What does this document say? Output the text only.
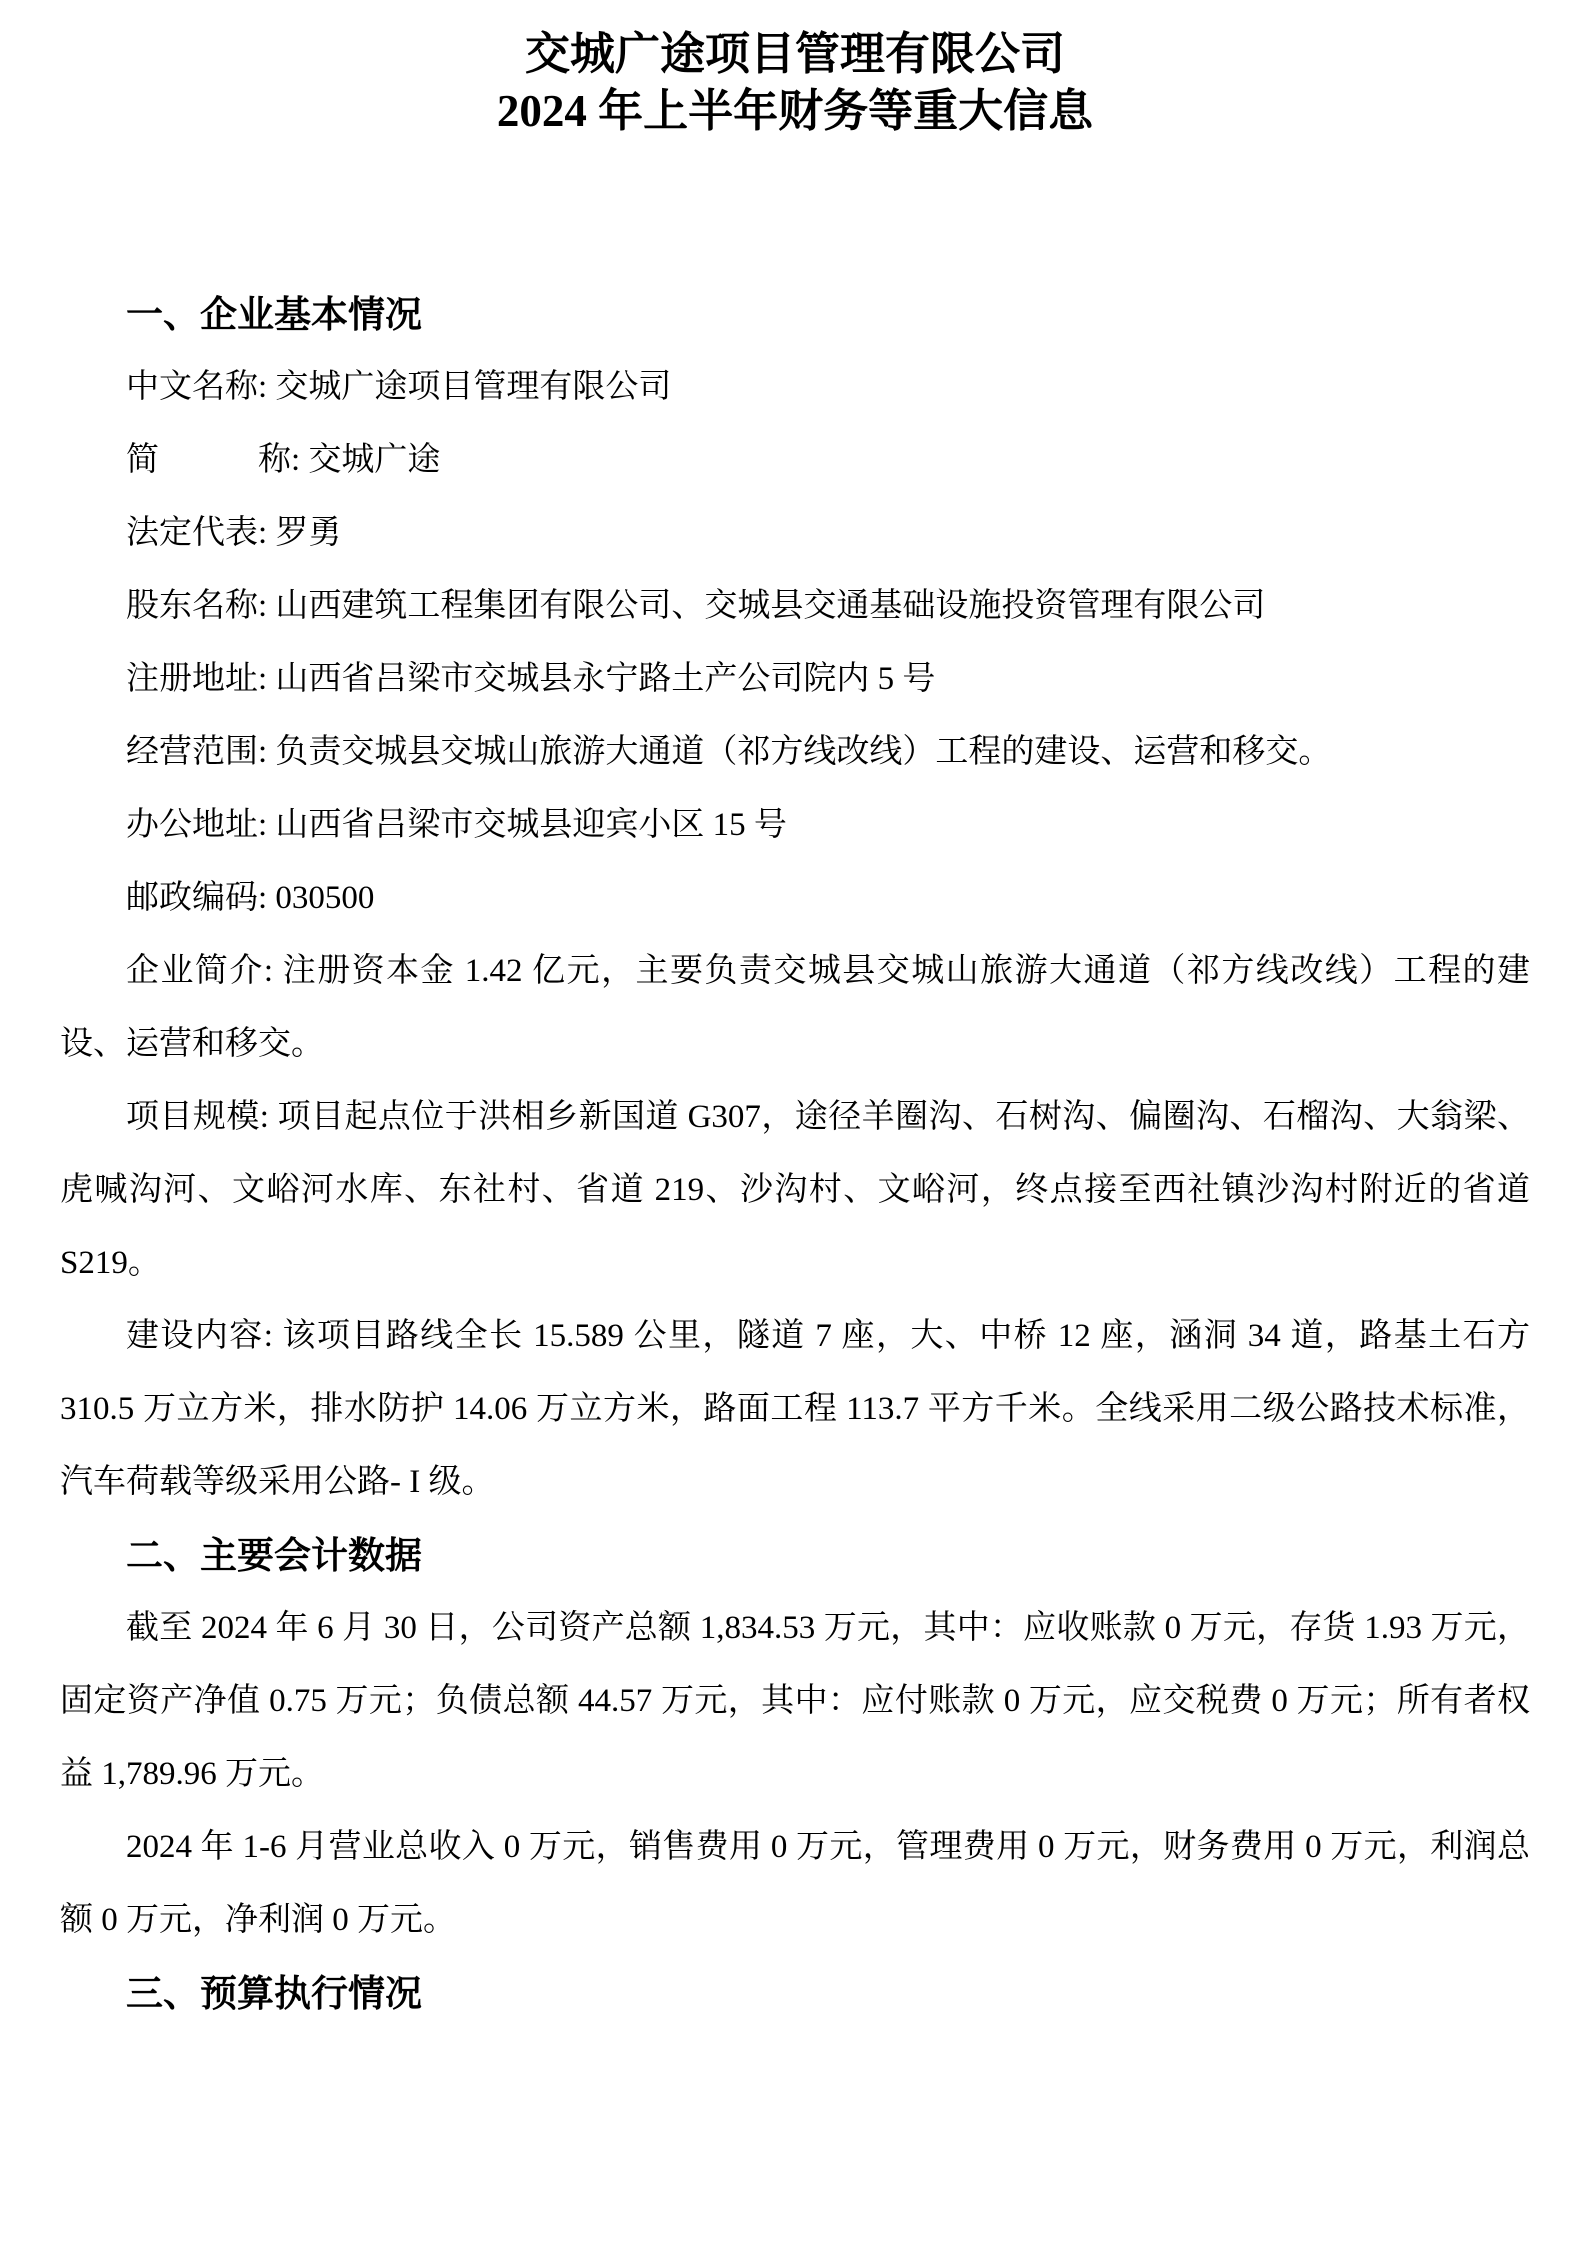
交城广途项目管理有限公司
2024 年上半年财务等重大信息
一、企业基本情况

中文名称: 交城广途项目管理有限公司

简　　　称: 交城广途

法定代表: 罗勇

股东名称: 山西建筑工程集团有限公司、交城县交通基础设施投资管理有限公司

注册地址: 山西省吕梁市交城县永宁路土产公司院内 5 号

经营范围: 负责交城县交城山旅游大通道（祁方线改线）工程的建设、运营和移交。

办公地址: 山西省吕梁市交城县迎宾小区 15 号

邮政编码: 030500

企业简介: 注册资本金 1.42 亿元，主要负责交城县交城山旅游大通道（祁方线改线）工程的建设、运营和移交。

项目规模: 项目起点位于洪相乡新国道 G307，途径羊圈沟、石树沟、偏圈沟、石榴沟、大翁梁、虎喊沟河、文峪河水库、东社村、省道 219、沙沟村、文峪河，终点接至西社镇沙沟村附近的省道 S219。

建设内容: 该项目路线全长 15.589 公里，隧道 7 座，大、中桥 12 座，涵洞 34 道，路基土石方 310.5 万立方米，排水防护 14.06 万立方米，路面工程 113.7 平方千米。全线采用二级公路技术标准，汽车荷载等级采用公路- I 级。

二、主要会计数据

截至 2024 年 6 月 30 日，公司资产总额 1,834.53 万元，其中：应收账款 0 万元，存货 1.93 万元，固定资产净值 0.75 万元；负债总额 44.57 万元，其中：应付账款 0 万元，应交税费 0 万元；所有者权益 1,789.96 万元。

2024 年 1-6 月营业总收入 0 万元，销售费用 0 万元，管理费用 0 万元，财务费用 0 万元，利润总额 0 万元，净利润 0 万元。

三、预算执行情况
